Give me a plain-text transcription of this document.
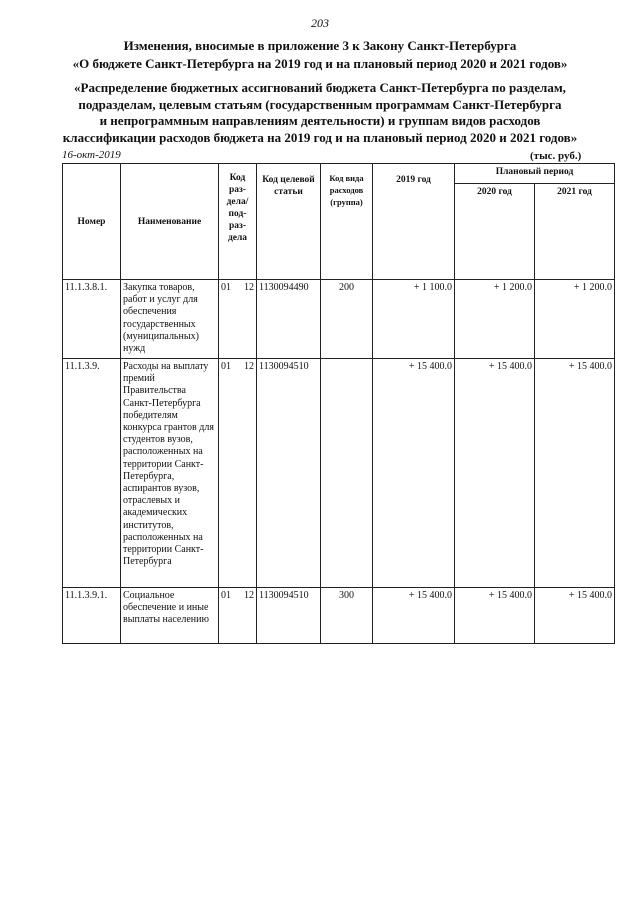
203
Изменения, вносимые в приложение 3 к Закону Санкт-Петербурга
«О бюджете Санкт-Петербурга на 2019 год и на плановый период 2020 и 2021 годов»
«Распределение бюджетных ассигнований бюджета Санкт-Петербурга по разделам,
подразделам, целевым статьям (государственным программам Санкт-Петербурга
и непрограммным направлениям деятельности) и группам видов расходов
классификации расходов бюджета на 2019 год и на плановый период 2020 и 2021 годов»
16-окт-2019	(тыс. руб.)
Номер	Наименование	Код раз-дела/ под-раз-дела	Код целевой статьи	Код вида расходов (группа)	2019 год	Плановый период	
						2020 год	2021 год
11.1.3.8.1.	Закупка товаров, работ и услуг для обеспечения государственных (муниципальных) нужд	01 12	1130094490	200	+ 1 100.0	+ 1 200.0	+ 1 200.0
11.1.3.9.	Расходы на выплату премий Правительства Санкт-Петербурга победителям конкурса грантов для студентов вузов, расположенных на территории Санкт-Петербурга, аспирантов вузов, отраслевых и академических институтов, расположенных на территории Санкт-Петербурга	01 12	1130094510		+ 15 400.0	+ 15 400.0	+ 15 400.0
11.1.3.9.1.	Социальное обеспечение и иные выплаты населению	01 12	1130094510	300	+ 15 400.0	+ 15 400.0	+ 15 400.0
